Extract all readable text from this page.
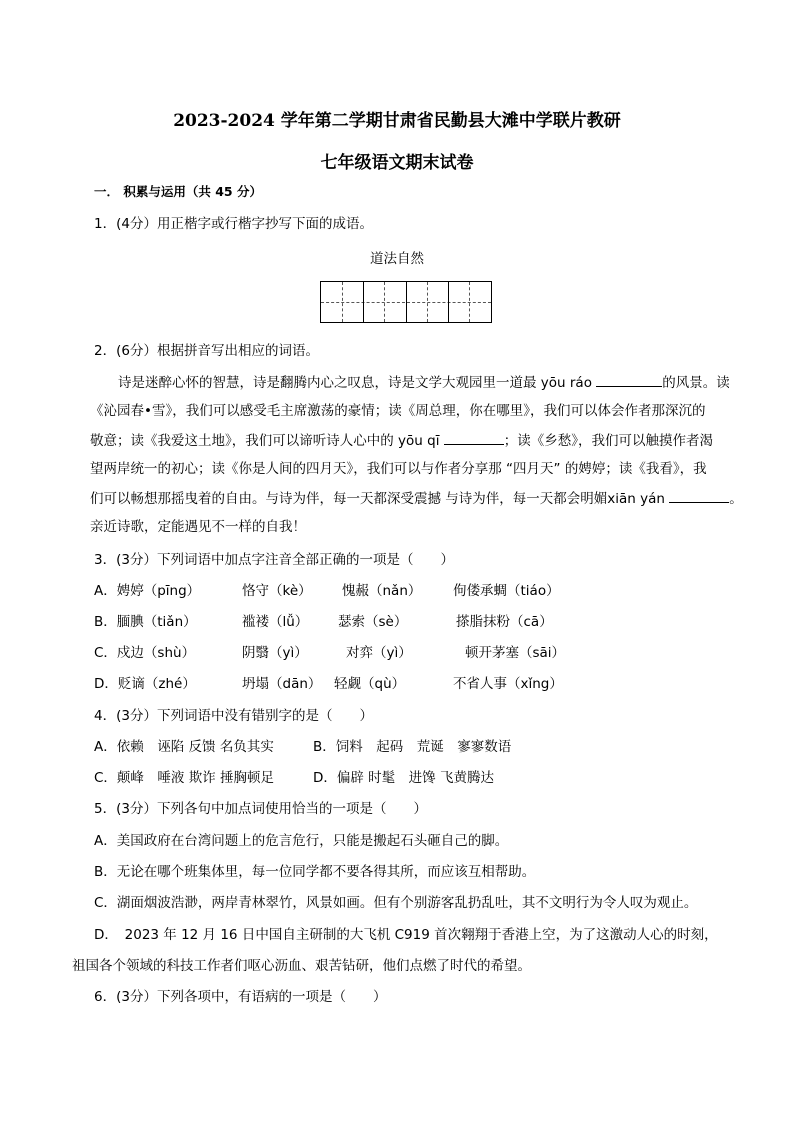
2023-2024 学年第二学期甘肃省民勤县大滩中学联片教研
七年级语文期末试卷
一． 积累与运用（共 45 分）
1．(4分）用正楷字或行楷字抄写下面的成语。
道法自然
2．(6分）根据拼音写出相应的词语。
诗是迷醉心怀的智慧，诗是翻腾内心之叹息，诗是文学大观园里一道最 yōu ráo	的风景。读
《沁园春•雪》，我们可以感受毛主席激荡的豪情；读《周总理，你在哪里》，我们可以体会作者那深沉的
敬意；读《我爱这土地》，我们可以谛听诗人心中的 yōu qī	；读《乡愁》，我们可以触摸作者渴
望两岸统一的初心；读《你是人间的四月天》，我们可以与作者分享那 “四月天” 的娉婷；读《我看》，我
们可以畅想那摇曳着的自由。与诗为伴，每一天都深受震撼 与诗为伴，每一天都会明媚xiān yán	。
亲近诗歌，定能遇见不一样的自我！
3．(3分）下列词语中加点字注音全部正确的一项是（　　）
A．娉婷（pīng）	恪守（kè） 愧赧（nǎn） 佝偻承蜩（tiáo）
B．腼腆（tiǎn）	褴褛（lǚ） 瑟索（sè）	搽脂抹粉（cā）
C．戍边（shù）	阴翳（yì）	对弈（yì）	顿开茅塞（sāi）
D．贬谪（zhé）	坍塌（dān） 轻觑（qù）	不省人事（xǐng）
4．(3分）下列词语中没有错别字的是（　　）
A．依赖　诬陷 反馈 名负其实	B．饲料　起码　荒诞　寥寥数语
C．颠峰　唾液 欺诈 捶胸顿足	D．偏辟 时髦　进馋 飞黄腾达
5．(3分）下列各句中加点词使用恰当的一项是（　　）
A．美国政府在台湾问题上的危言危行，只能是搬起石头砸自己的脚。
B．无论在哪个班集体里，每一位同学都不要各得其所，而应该互相帮助。
C．湖面烟波浩渺，两岸青林翠竹，风景如画。但有个别游客乱扔乱吐，其不文明行为令人叹为观止。
D．　2023 年 12 月 16 日中国自主研制的大飞机 C919 首次翱翔于香港上空，为了这激动人心的时刻，
祖国各个领域的科技工作者们呕心沥血、艰苦钻研，他们点燃了时代的希望。
6．(3分）下列各项中，有语病的一项是（　　）
